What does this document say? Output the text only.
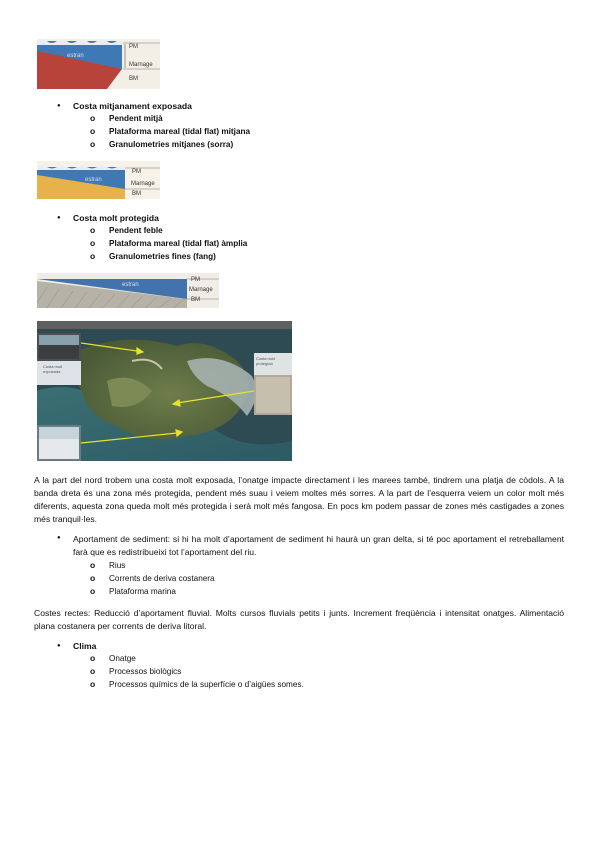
estran
PM
Marnage
BM
● Costa mitjanament exposada
o Pendent mitjà
o Plataforma mareal (tidal flat) mitjana
o Granulometries mitjanes (sorra)
estran
PM
Marnage
BM
● Costa molt protegida
o Pendent feble
o Plataforma mareal (tidal flat) àmplia
o Granulometries fines (fang)
estran
PM
Marnage
BM
Costa molt exposada
Costa molt protegida
A la part del nord trobem una costa molt exposada, l’onatge impacte directament i les marees també, tindrem una platja de còdols. A la banda dreta és una zona més protegida, pendent més suau i veiem moltes més sorres. A la part de l’esquerra veiem un color molt més diferents, aquesta zona queda molt més protegida i serà molt més fangosa. En pocs km podem passar de zones més castigades a zones més tranquil·les.
● Aportament de sediment: si hi ha molt d’aportament de sediment hi haurà un gran delta, si té poc aportament el retreballament farà que es redistribueixi tot l’aportament del riu.
o Rius
o Corrents de deriva costanera
o Plataforma marina
Costes rectes: Reducció d’aportament fluvial. Molts cursos fluvials petits i junts. Increment freqüència i intensitat onatges. Alimentació plana costanera per corrents de deriva litoral.
● Clima
o Onatge
o Processos biològics
o Processos químics de la superfície o d’aigües somes.
